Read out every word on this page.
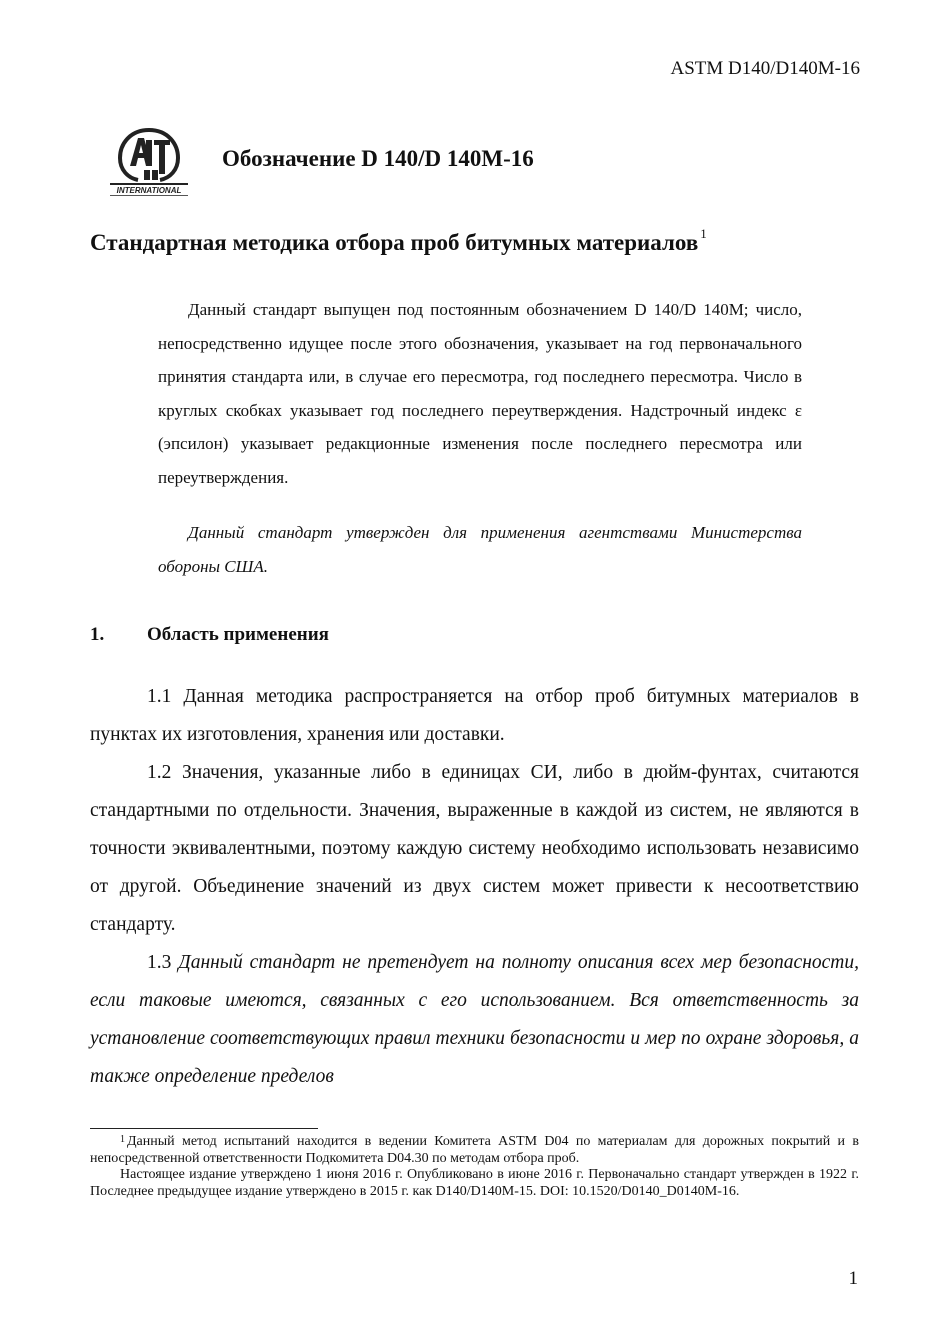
ASTM D140/D140M-16
INTERNATIONAL
Обозначение D 140/D 140M-16
Стандартная методика отбора проб битумных материалов $^1$

Данный стандарт выпущен под постоянным обозначением D 140/D 140M; число, непосредственно идущее после этого обозначения, указывает на год первоначального принятия стандарта или, в случае его пересмотра, год последнего пересмотра. Число в круглых скобках указывает год последнего переутверждения. Надстрочный индекс ε (эпсилон) указывает редакционные изменения после последнего пересмотра или переутверждения.

Данный стандарт утвержден для применения агентствами Министерства обороны США.

1. Область применения

1.1 Данная методика распространяется на отбор проб битумных материалов в пунктах их изготовления, хранения или доставки.

1.2 Значения, указанные либо в единицах СИ, либо в дюйм-фунтах, считаются стандартными по отдельности. Значения, выраженные в каждой из систем, не являются в точности эквивалентными, поэтому каждую систему необходимо использовать независимо от другой. Объединение значений из двух систем может привести к несоответствию стандарту.

1.3 Данный стандарт не претендует на полноту описания всех мер безопасности, если таковые имеются, связанных с его использованием. Вся ответственность за установление соответствующих правил техники безопасности и мер по охране здоровья, а также определение пределов

$^1$ Данный метод испытаний находится в ведении Комитета ASTM D04 по материалам для дорожных покрытий и в непосредственной ответственности Подкомитета D04.30 по методам отбора проб.

Настоящее издание утверждено 1 июня 2016 г. Опубликовано в июне 2016 г. Первоначально стандарт утвержден в 1922 г. Последнее предыдущее издание утверждено в 2015 г. как D140/D140M-15. DOI: 10.1520/D0140_D0140M-16.

1
